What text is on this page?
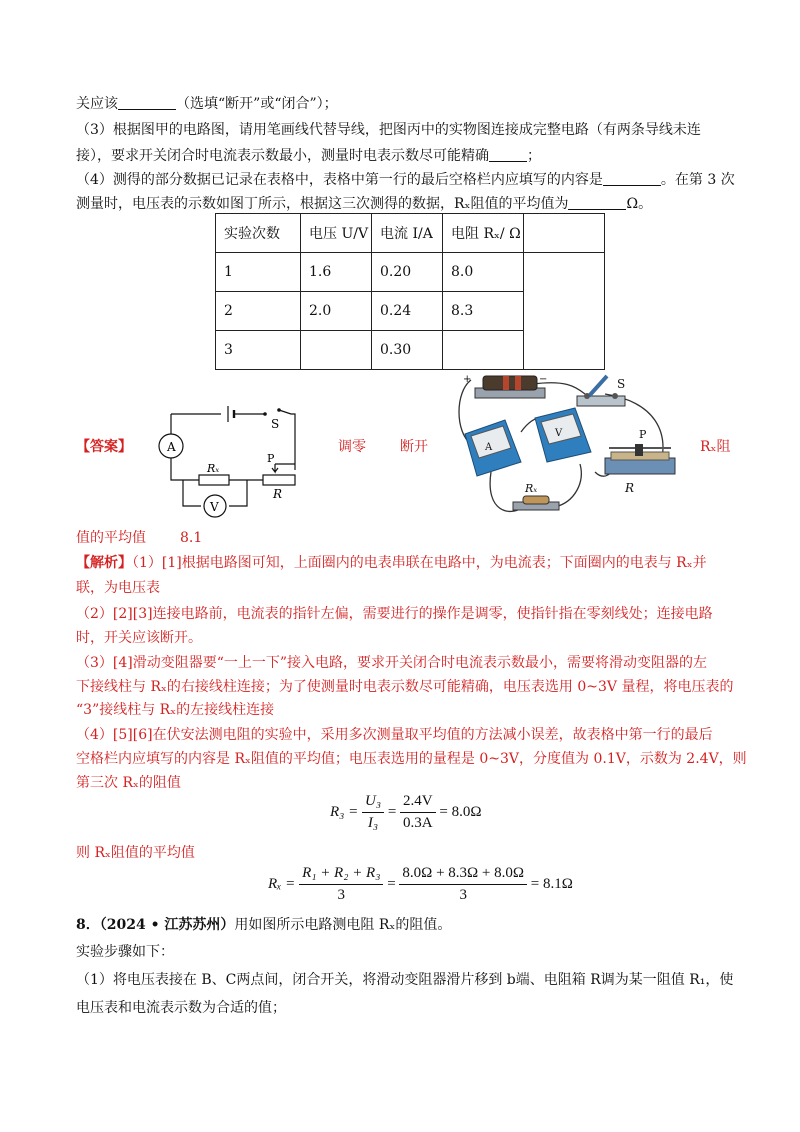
关应该	（选填“断开”或“闭合”）；
（3）根据图甲的电路图，请用笔画线代替导线，把图丙中的实物图连接成完整电路（有两条导线未连
接），要求开关闭合时电流表示数最小，测量时电表示数尽可能精确	；
（4）测得的部分数据已记录在表格中，表格中第一行的最后空格栏内应填写的内容是	。在第 3 次
测量时，电压表的示数如图丁所示，根据这三次测得的数据，Rₓ阻值的平均值为	Ω。
实验次数	电压 U/V	电流 I/A	电阻 Rₓ/ Ω	
1	1.6	0.20	8.0	
2	2.0	0.24	8.3	
3		0.30		
【答案】
S
A
Rₓ
P
R
V
调零 断开
+	−	S
A
V
Rₓ
P
R
Rₓ阻
值的平均值 8.1
【解析】（1）[1]根据电路图可知，上面圈内的电表串联在电路中，为电流表；下面圈内的电表与 Rₓ并
联，为电压表
（2）[2][3]连接电路前，电流表的指针左偏，需要进行的操作是调零，使指针指在零刻线处；连接电路
时，开关应该断开。
（3）[4]滑动变阻器要“一上一下”接入电路，要求开关闭合时电流表示数最小，需要将滑动变阻器的左
下接线柱与 Rₓ的右接线柱连接；为了使测量时电表示数尽可能精确，电压表选用 0~3V 量程，将电压表的
“3”接线柱与 Rₓ的左接线柱连接
（4）[5][6]在伏安法测电阻的实验中，采用多次测量取平均值的方法减小误差，故表格中第一行的最后
空格栏内应填写的内容是 Rₓ阻值的平均值；电压表选用的量程是 0~3V，分度值为 0.1V，示数为 2.4V，则
第三次 Rₓ的阻值
$R_3 = \frac{\text{U₃}}{\text{I₃}} = \frac{2.4V}{0.3A} = 8.0\Omega$
则 Rₓ阻值的平均值
$R_x = \frac{\text{R₁ + R₂ + R₃}}{3} = \frac{8.0\Omega + 8.3\Omega + 8.0\Omega}{3} = 8.1\Omega$
8．（2024 • 江苏苏州）用如图所示电路测电阻 Rₓ的阻值。
实验步骤如下：
（1）将电压表接在 B、C两点间，闭合开关，将滑动变阻器滑片移到 b端、电阻箱 R调为某一阻值 R₁，使
电压表和电流表示数为合适的值；
